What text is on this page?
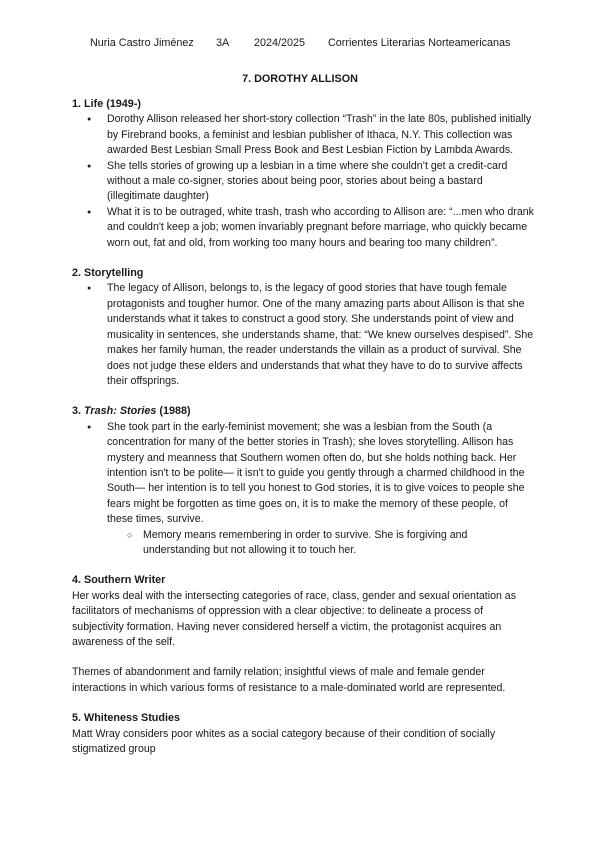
Nuria Castro Jiménez 3A 2024/2025 Corrientes Literarias Norteamericanas
7. DOROTHY ALLISON

1. Life (1949-)

● Dorothy Allison released her short-story collection “Trash” in the late 80s, published initially by Firebrand books, a feminist and lesbian publisher of Ithaca, N.Y. This collection was awarded Best Lesbian Small Press Book and Best Lesbian Fiction by Lambda Awards.
● She tells stories of growing up a lesbian in a time where she couldn’t get a credit-card without a male co-signer, stories about being poor, stories about being a bastard (illegitimate daughter)
● What it is to be outraged, white trash, trash who according to Allison are: “...men who drank and couldn't keep a job; women invariably pregnant before marriage, who quickly became worn out, fat and old, from working too many hours and bearing too many children”.

2. Storytelling

● The legacy of Allison, belongs to, is the legacy of good stories that have tough female protagonists and tougher humor. One of the many amazing parts about Allison is that she understands what it takes to construct a good story. She understands point of view and musicality in sentences, she understands shame, that: “We knew ourselves despised”. She makes her family human, the reader understands the villain as a product of survival. She does not judge these elders and understands that what they have to do to survive affects their offsprings.

3. Trash: Stories (1988)

● She took part in the early-feminist movement; she was a lesbian from the South (a concentration for many of the better stories in Trash); she loves storytelling. Allison has mystery and meanness that Southern women often do, but she holds nothing back. Her intention isn't to be polite— it isn't to guide you gently through a charmed childhood in the South— her intention is to tell you honest to God stories, it is to give voices to people she fears might be forgotten as time goes on, it is to make the memory of these people, of these times, survive.
○ Memory means remembering in order to survive. She is forgiving and understanding but not allowing it to touch her.

4. Southern Writer

Her works deal with the intersecting categories of race, class, gender and sexual orientation as facilitators of mechanisms of oppression with a clear objective: to delineate a process of subjectivity formation. Having never considered herself a victim, the protagonist acquires an awareness of the self.

Themes of abandonment and family relation; insightful views of male and female gender interactions in which various forms of resistance to a male-dominated world are represented.

5. Whiteness Studies

Matt Wray considers poor whites as a social category because of their condition of socially stigmatized group
